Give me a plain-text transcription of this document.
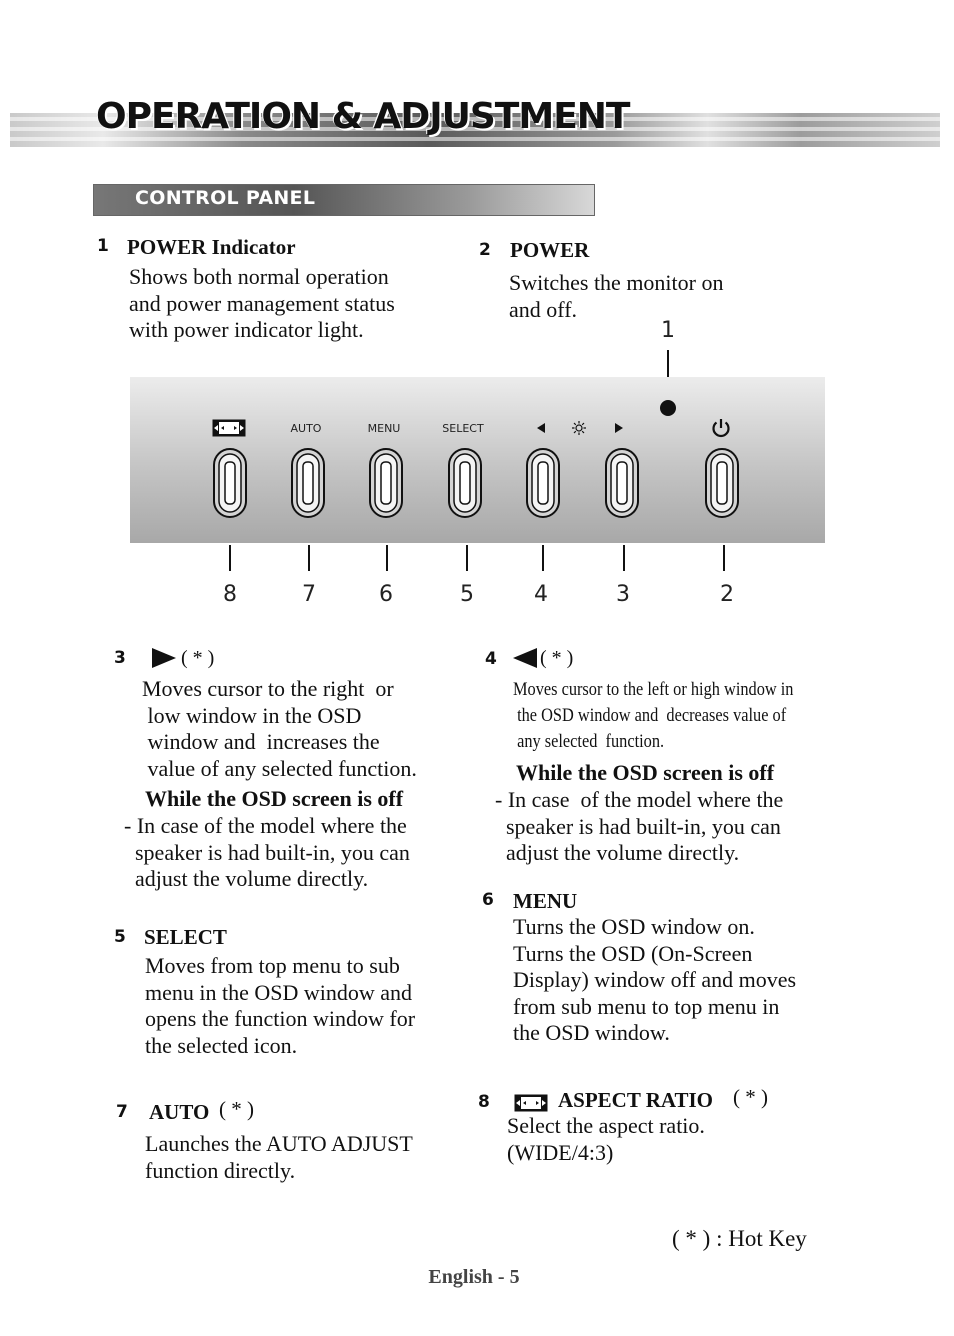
OPERATION & ADJUSTMENT
CONTROL PANEL
1 POWER Indicator
Shows both normal operation
and power management status
with power indicator light.
2 POWER
Switches the monitor on
and off.
1
AUTO	MENU	SELECT
8	7	6	5	4	3	2
3	( * )
Moves cursor to the right  or
low window in the OSD
window and  increases the
value of any selected function.
While the OSD screen is off
- In case of the model where the
speaker is had built-in, you can
adjust the volume directly.
4 ( * )
Moves cursor to the left or high window in
the OSD window and  decreases value of
any selected  function.
While the OSD screen is off
- In case  of the model where the
speaker is had built-in, you can
adjust the volume directly.
5 SELECT
Moves from top menu to sub
menu in the OSD window and
opens the function window for
the selected icon.
6 MENU
Turns the OSD window on.
Turns the OSD (On-Screen
Display) window off and moves
from sub menu to top menu in
the OSD window.
7 AUTO ( * )
Launches the AUTO ADJUST
function directly.
8	ASPECT RATIO ( * )
Select the aspect ratio.
(WIDE/4:3)
( * ) : Hot Key
English - 5
